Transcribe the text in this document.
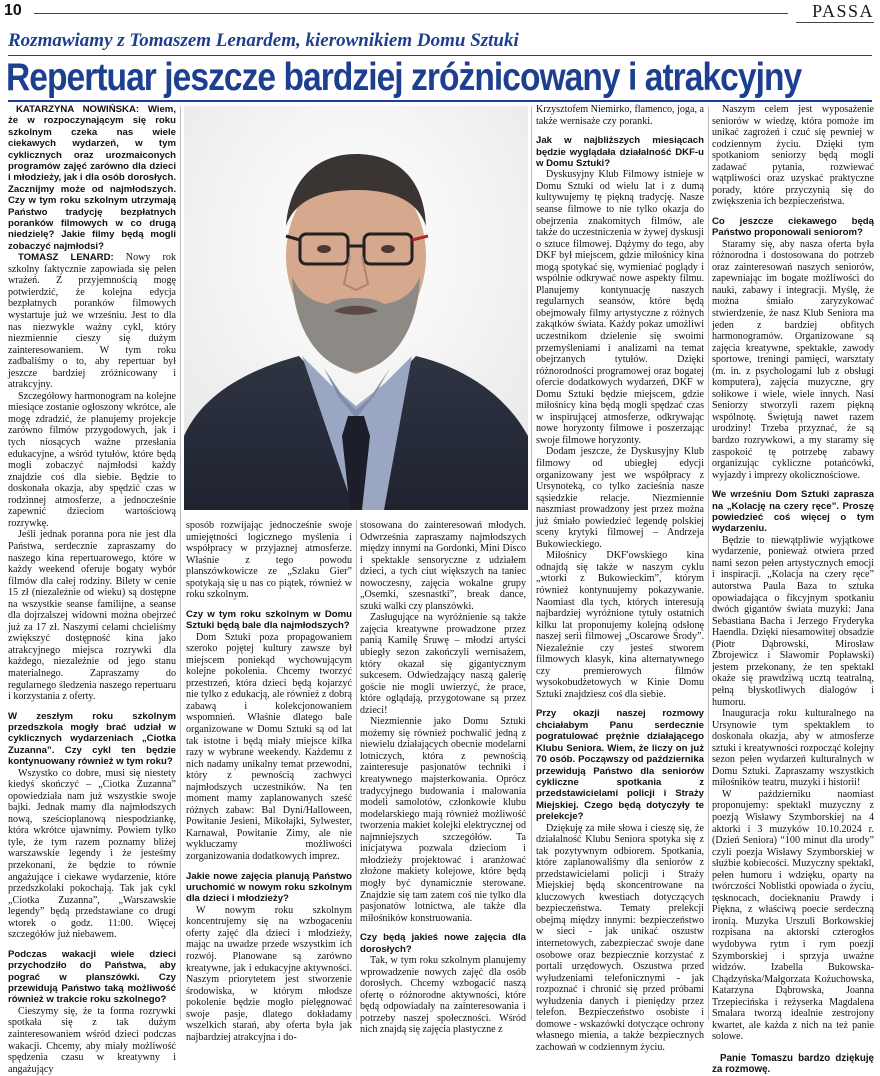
10	PASSA
Rozmawiamy z Tomaszem Lenardem, kierownikiem Domu Sztuki
Repertuar jeszcze bardziej zróżnicowany i atrakcyjny

KATARZYNA NOWIŃSKA: Wiem, że w rozpoczynającym się roku szkolnym czeka nas wiele ciekawych wydarzeń, w tym cyklicznych oraz urozmaiconych programów zajęć zarówno dla dzieci i młodzieży, jak i dla osób dorosłych. Zacznijmy może od najmłodszych. Czy w tym roku szkolnym utrzymają Państwo tradycję bezpłatnych poranków filmowych w co drugą niedzielę? Jakie filmy będą mogli zobaczyć najmłodsi?

TOMASZ LENARD: Nowy rok szkolny faktycznie zapowiada się pełen wrażeń. Z przyjemnością mogę potwierdzić, że kolejna edycja bezpłatnych poranków filmowych wystartuje już we wrześniu. Jest to dla nas niezwykle ważny cykl, który niezmiennie cieszy się dużym zainteresowaniem. W tym roku zadbaliśmy o to, aby repertuar był jeszcze bardziej zróżnicowany i atrakcyjny.

Szczegółowy harmonogram na kolejne miesiące zostanie ogłoszony wkrótce, ale mogę zdradzić, że planujemy projekcje zarówno filmów przygodowych, jak i tych niosących ważne przesłania edukacyjne, a wśród tytułów, które będą mogli zobaczyć najmłodsi każdy znajdzie coś dla siebie. Będzie to doskonała okazja, aby spędzić czas w rodzinnej atmosferze, a jednocześnie zapewnić dzieciom wartościową rozrywkę.

Jeśli jednak poranna pora nie jest dla Państwa, serdecznie zapraszamy do naszego kina repertuarowego, które w każdy weekend oferuje bogaty wybór filmów dla całej rodziny. Bilety w cenie 15 zł (niezależnie od wieku) są dostępne na wszystkie seanse familijne, a seanse dla dojrzalszej widowni można obejrzeć już za 17 zł. Naszymi celami chcieliśmy zwiększyć dostępność kina jako atrakcyjnego miejsca rozrywki dla każdego, niezależnie od jego stanu materialnego. Zapraszamy do regularnego śledzenia naszego repertuaru i korzystania z oferty.

W zeszłym roku szkolnym przedszkola mogły brać udział w cyklicznych wydarzeniach „Ciotka Zuzanna”. Czy cykl ten będzie kontynuowany również w tym roku?

Wszystko co dobre, musi się niestety kiedyś skończyć – „Ciotka Zuzanna” opowiedziała nam już wszystkie swoje bajki. Jednak mamy dla najmłodszych nową, sześcioplanową niespodziankę, która wkrótce ujawnimy. Powiem tylko tyle, że tym razem poznamy bliżej warszawskie legendy i że jesteśmy przekonani, że będzie to równie angażujące i ciekawe wydarzenie, które przedszkolaki pokochają. Tak jak cykl „Ciotka Zuzanna”, „Warszawskie legendy” będą przedstawiane co drugi wtorek o godz. 11:00. Więcej szczegółów już niebawem.

Podczas wakacji wiele dzieci przychodziło do Państwa, aby pograć w planszówki. Czy przewidują Państwo taką możliwość również w trakcie roku szkolnego?

Cieszymy się, że ta forma rozrywki spotkała się z tak dużym zainteresowaniem wśród dzieci podczas wakacji. Chcemy, aby miały możliwość spędzenia czasu w kreatywny i angażujący

sposób rozwijając jednocześnie swoje umiejętności logicznego myślenia i współpracy w przyjaznej atmosferze. Właśnie z tego powodu planszówkowicze ze „Szlaku Gier” spotykają się u nas co piątek, również w roku szkolnym.

Czy w tym roku szkolnym w Domu Sztuki będą bale dla najmłodszych?

Dom Sztuki poza propagowaniem szeroko pojętej kultury zawsze był miejscem poniekąd wychowującym kolejne pokolenia. Chcemy tworzyć przestrzeń, która dzieci będą kojarzyć nie tylko z edukacją, ale również z dobrą zabawą i kolekcjonowaniem wspomnień. Właśnie dlatego bale organizowane w Domu Sztuki są od lat tak istotne i będą miały miejsce kilka razy w wybrane weekendy. Każdemu z nich nadamy unikalny temat przewodni, który z pewnością zachwyci najmłodszych uczestników. Na ten moment mamy zaplanowanych sześć różnych zabaw: Bal Dyni/Halloween, Powitanie Jesieni, Mikołajki, Sylwester, Karnawał, Powitanie Zimy, ale nie wykluczamy możliwości zorganizowania dodatkowych imprez.

Jakie nowe zajęcia planują Państwo uruchomić w nowym roku szkolnym dla dzieci i młodzieży?

W nowym roku szkolnym koncentrujemy się na wzbogaceniu oferty zajęć dla dzieci i młodzieży, mając na uwadze przede wszystkim ich rozwój. Planowane są zarówno kreatywne, jak i edukacyjne aktywności. Naszym priorytetem jest stworzenie środowiska, w którym młodsze pokolenie będzie mogło pielęgnować swoje pasje, dlatego dokładamy wszelkich starań, aby oferta była jak najbardziej atrakcyjna i do-

stosowana do zainteresowań młodych. Odwrześnia zapraszamy najmłodszych między innymi na Gordonki, Mini Disco i spektakle sensoryczne z udziałem dzieci, a tych ciut większych na taniec nowoczesny, zajęcia wokalne grupy „Osemki, szesnastki”, break dance, szuki walki czy planszówki.

Zasługujące na wyróżnienie są także zajęcia kreatywne prowadzone przez panią Kamilę Śruwę – młodzi artyści ubiegły sezon zakończyli wernisażem, który okazał się gigantycznym sukcesem. Odwiedzający naszą galerię goście nie mogli uwierzyć, że prace, które oglądają, przygotowane są przez dzieci!

Niezmiennie jako Domu Sztuki możemy się również pochwalić jedną z niewielu działających obecnie modelarni lotniczych, która z pewnością zainteresuje pasjonatów techniki i kreatywnego majsterkowania. Oprócz tradycyjnego budowania i malowania modeli samolotów, członkowie klubu modelarskiego mają również możliwość tworzenia makiet kolejki elektrycznej od najmniejszych szczegółów. Ta inicjatywa pozwala dzieciom i młodzieży projektować i aranżować złożone makiety kolejowe, które będą mogły być dynamicznie sterowane. Znajdzie się tam zatem coś nie tylko dla pasjonatów lotnictwa, ale także dla miłośników konstruowania.

Czy będą jakieś nowe zajęcia dla dorosłych?

Tak, w tym roku szkolnym planujemy wprowadzenie nowych zajęć dla osób dorosłych. Chcemy wzbogacić naszą ofertę o różnorodne aktywności, które będą odpowiadały na zainteresowania i potrzeby naszej społeczności. Wśród nich znajdą się zajęcia plastyczne z

Krzysztofem Niemirko, flamenco, joga, a także wernisaże czy poranki.

Jak w najbliższych miesiącach będzie wyglądała działalność DKF-u w Domu Sztuki?

Dyskusyjny Klub Filmowy istnieje w Domu Sztuki od wielu lat i z dumą kultywujemy tę piękną tradycję. Nasze seanse filmowe to nie tylko okazja do obejrzenia znakomitych filmów, ale także do uczestniczenia w żywej dyskusji o sztuce filmowej. Dążymy do tego, aby DKF był miejscem, gdzie miłośnicy kina mogą spotykać się, wymieniać poglądy i wspólnie odkrywać nowe aspekty filmu. Planujemy kontynuację naszych regularnych seansów, które będą obejmowały filmy artystyczne z różnych zakątków świata. Każdy pokaz umożliwi uczestnikom dzielenie się swoimi przemyśleniami i analizami na temat obejrzanych tytułów. Dzięki różnorodności programowej oraz bogatej ofercie dodatkowych wydarzeń, DKF w Domu Sztuki będzie miejscem, gdzie miłośnicy kina będą mogli spędzać czas w inspirującej atmosferze, odkrywając nowe horyzonty filmowe i poszerzając swoje filmowe horyzonty.

Dodam jeszcze, że Dyskusyjny Klub filmowy od ubiegłej edycji organizowany jest we współpracy z Ursynoteką, co tylko zacieśnia nasze sąsiedzkie relacje. Niezmiennie naszmiast prowadzony jest przez można już śmiało powiedzieć legendę polskiej sceny krytyki filmowej – Andrzeja Bukowieckiego.

Miłośnicy DKF'owskiego kina odnajdą się także w naszym cyklu „wtorki z Bukowieckim”, którym również kontynuujemy pokazywanie. Naomiast dla tych, których interesują najbardziej wyróżnione tytuły ostatnich kilku lat proponujemy kolejną odsłonę naszej serii filmowej „Oscarowe Środy”. Niezależnie czy jesteś stworem filmowych klasyk, kina alternatywnego czy premierowych filmów wysokobudżetowych w Kinie Domu Sztuki znajdziesz coś dla siebie.

Przy okazji naszej rozmowy chciałabym Panu serdecznie pogratulować prężnie działającego Klubu Seniora. Wiem, że liczy on już 70 osób. Począwszy od października przewidują Państwo dla seniorów cykliczne spotkania z przedstawicielami policji i Straży Miejskiej. Czego będą dotyczyły te prelekcje?

Dziękuję za miłe słowa i cieszę się, że działalność Klubu Seniora spotyka się z tak pozytywnym odbiorem. Spotkania, które zaplanowaliśmy dla seniorów z przedstawicielami policji i Straży Miejskiej będą skoncentrowane na kluczowych kwestiach dotyczących bezpieczeństwa. Tematy prelekcji obejmą między innymi: bezpieczeństwo w sieci - jak unikać oszustw internetowych, zabezpieczać swoje dane osobowe oraz bezpiecznie korzystać z portali urzędowych. Oszustwa przed wyłudzeniami telefonicznymi - jak rozpoznać i chronić się przed próbami wyłudzenia danych i pieniędzy przez telefon. Bezpieczeństwo osobiste i domowe - wskazówki dotyczące ochrony własnego mienia, a także bezpiecznych zachowań w codziennym życiu.

Naszym celem jest wyposażenie seniorów w wiedzę, która pomoże im unikać zagrożeń i czuć się pewniej w codziennym życiu. Dzięki tym spotkaniom seniorzy będą mogli zadawać pytania, rozwiewać wątpliwości oraz uzyskać praktyczne porady, które przyczynią się do zwiększenia ich bezpieczeństwa.

Co jeszcze ciekawego będą Państwo proponowali seniorom?

Staramy się, aby nasza oferta była różnorodna i dostosowana do potrzeb oraz zainteresowań naszych seniorów, zapewniając im bogate możliwości do nauki, zabawy i integracji. Myślę, że można śmiało zaryzykować stwierdzenie, że nasz Klub Seniora ma jeden z bardziej obfitych harmonogramów. Organizowane są zajęcia kreatywne, spektakle, zawody sportowe, treningi pamięci, warsztaty (m. in. z psychologami lub z obsługi komputera), zajęcia muzyczne, gry sołikowe i wiele, wiele innych. Nasi Seniorzy stworzyli razem piękną wspólnotę. Świętują nawet razem urodziny! Trzeba przyznać, że są bardzo rozrywkowi, a my staramy się zaspokoić tę potrzebę zabawy organizując cykliczne potańcówki, wyjazdy i imprezy okolicznościowe.

We wrześniu Dom Sztuki zaprasza na „Kolację na czery ręce”. Proszę powiedzieć coś więcej o tym wydarzeniu.

Będzie to niewątpliwie wyjątkowe wydarzenie, ponieważ otwiera przed nami sezon pełen artystycznych emocji i inspiracji. „Kolacja na czery ręce” autorstwa Paula Baza to sztuka opowiadająca o fikcyjnym spotkaniu dwóch gigantów świata muzyki: Jana Sebastiana Bacha i Jerzego Fryderyka Haendla. Dzięki niesamowitej obsadzie (Piotr Dąbrowski, Mirosław Zbrojewicz i Sławomir Popławski) jestem przekonany, że ten spektakl okaże się prawdziwą ucztą teatralną, pełną błyskotliwych dialogów i humoru.

Inauguracja roku kulturalnego na Ursynowie tym spektaklem to doskonała okazja, aby w atmosferze sztuki i kreatywności rozpocząć kolejny sezon pełen wydarzeń kulturalnych w Domu Sztuki. Zapraszamy wszystkich miłośników teatru, muzyki i historii!

W październiku naomiast proponujemy: spektakl muzyczny z poezją Wisławy Szymborskiej na 4 aktorki i 3 muzyków 10.10.2024 r. (Dzień Seniora) “100 minut dla urody” czyli poezja Wisławy Szymborskiej w służbie kobiecości. Muzyczny spektakl, pełen humoru i wdzięku, oparty na twórczości Noblistki opowiada o życiu, tęsknocach, docieknaniu Prawdy i Piękna, z właściwą poecie serdeczną ironią. Muzyka Urszuli Borkowskiej rozpisana na aktorski czterogłos wydobywa rytm i rym poezji Szymborskiej i sprzyja uważne widzów. Izabella Bukowska-Chądzyńska/Małgorzata Kożuchowska, Katarzyna Dąbrowska, Joanna Trzepiecińska i reżyserka Magdalena Smalara tworzą idealnie zestrojony kwartet, ale każda z nich na też panie solowe.

Panie Tomaszu bardzo dziękuję za rozmowę.
